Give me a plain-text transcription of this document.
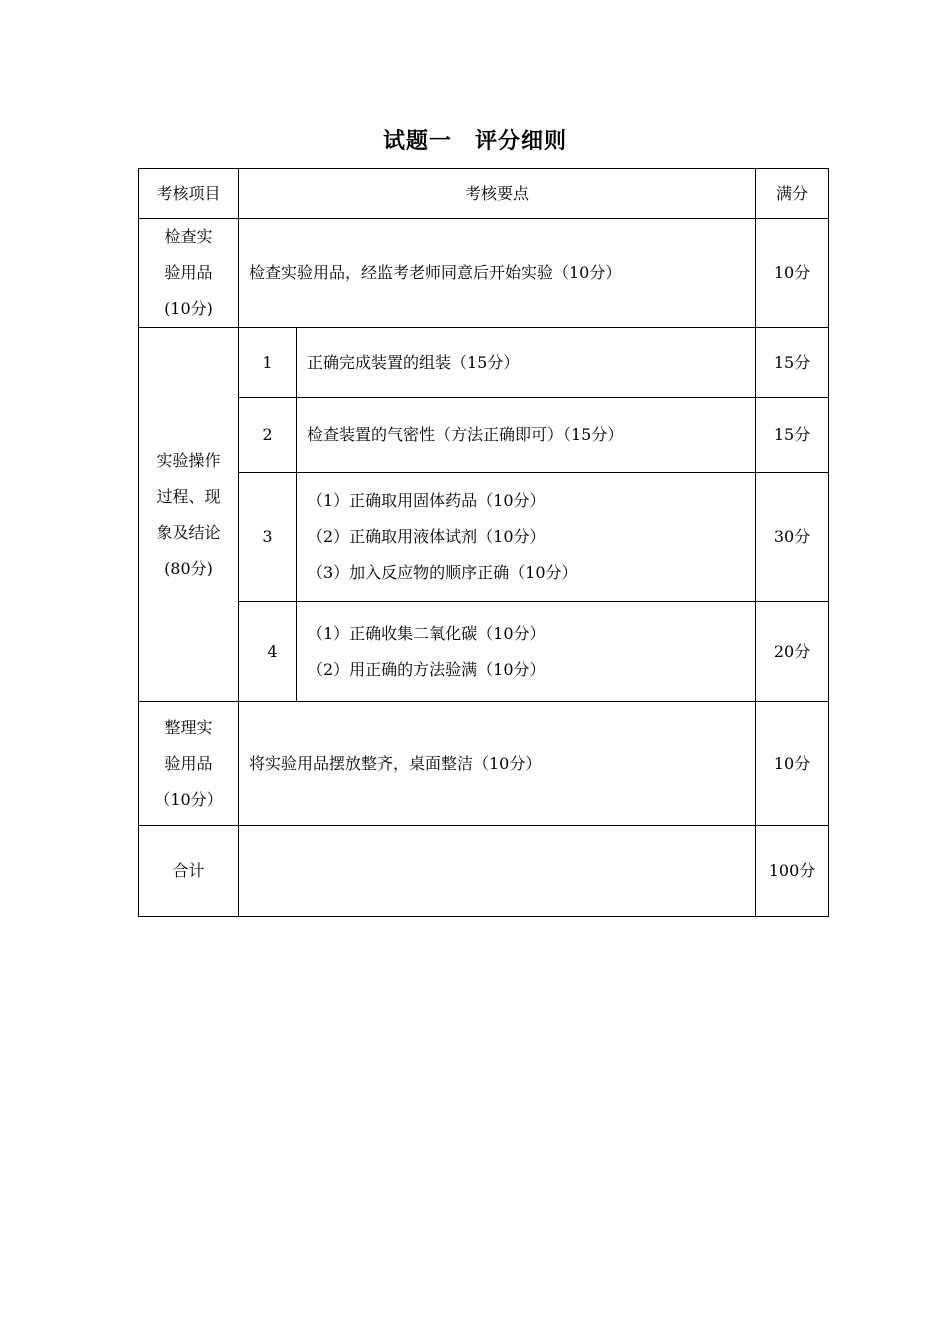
试题一　评分细则
考核项目	考核要点		满分

检查实
验用品
(10分)	检查实验用品，经监考老师同意后开始实验（10分）		10分

实验操作
过程、现
象及结论
(80分)	1	正确完成装置的组装（15分）	15分
	2	检查装置的气密性（方法正确即可）（15分）	15分
	3	（1）正确取用固体药品（10分）
（2）正确取用液体试剂（10分）
（3）加入反应物的顺序正确（10分）	30分
	4	（1）正确收集二氧化碳（10分）
（2）用正确的方法验满（10分）	20分

整理实
验用品
（10分）	将实验用品摆放整齐，桌面整洁（10分）		10分
合计			100分
